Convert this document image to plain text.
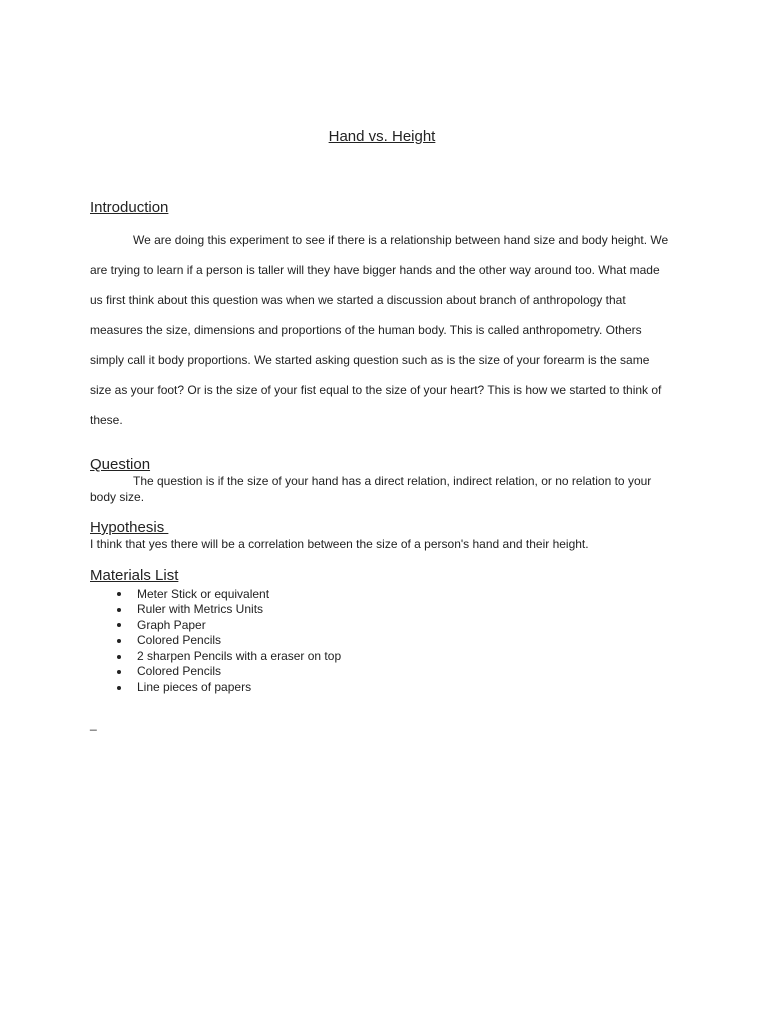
Hand vs. Height
Introduction

We are doing this experiment to see if there is a relationship between hand size and body height. We are trying to learn if a person is taller will they have bigger hands and the other way around too. What made us first think about this question was when we started a discussion about branch of anthropology that measures the size, dimensions and proportions of the human body. This is called anthropometry. Others simply call it body proportions. We started asking question such as is the size of your forearm is the same size as your foot? Or is the size of your fist equal to the size of your heart? This is how we started to think of these.

Question

The question is if the size of your hand has a direct relation, indirect relation, or no relation to your body size.

Hypothesis

I think that yes there will be a correlation between the size of a person's hand and their height.

Materials List
Meter Stick or equivalent
Ruler with Metrics Units
Graph Paper
Colored Pencils
2 sharpen Pencils with a eraser on top
Colored Pencils
Line pieces of papers
_
